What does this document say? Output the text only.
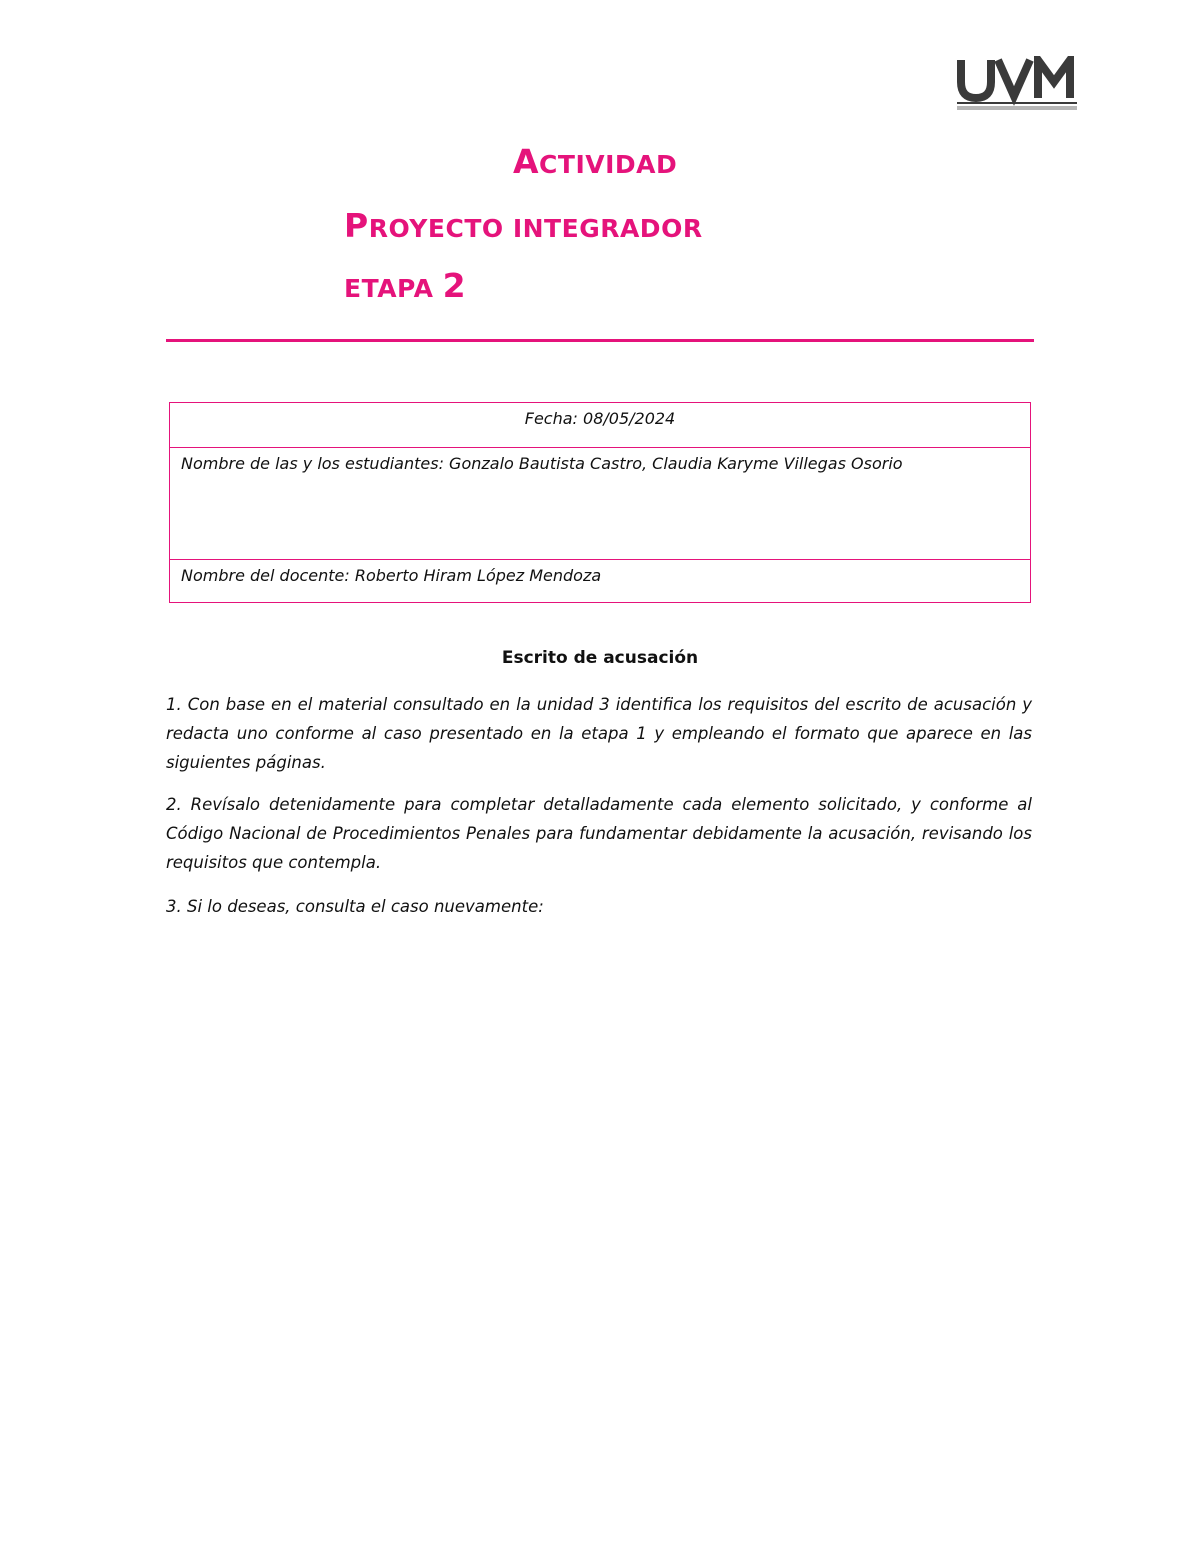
ACTIVIDAD
PROYECTO INTEGRADOR
ETAPA 2
Fecha: 08/05/2024
Nombre de las y los estudiantes: Gonzalo Bautista Castro, Claudia Karyme Villegas Osorio
Nombre del docente: Roberto Hiram López Mendoza
Escrito de acusación
1. Con base en el material consultado en la unidad 3 identifica los requisitos del escrito de acusación y redacta uno conforme al caso presentado en la etapa 1 y empleando el formato que aparece en las siguientes páginas.
2. Revísalo detenidamente para completar detalladamente cada elemento solicitado, y conforme al Código Nacional de Procedimientos Penales para fundamentar debidamente la acusación, revisando los requisitos que contempla.
3. Si lo deseas, consulta el caso nuevamente:
